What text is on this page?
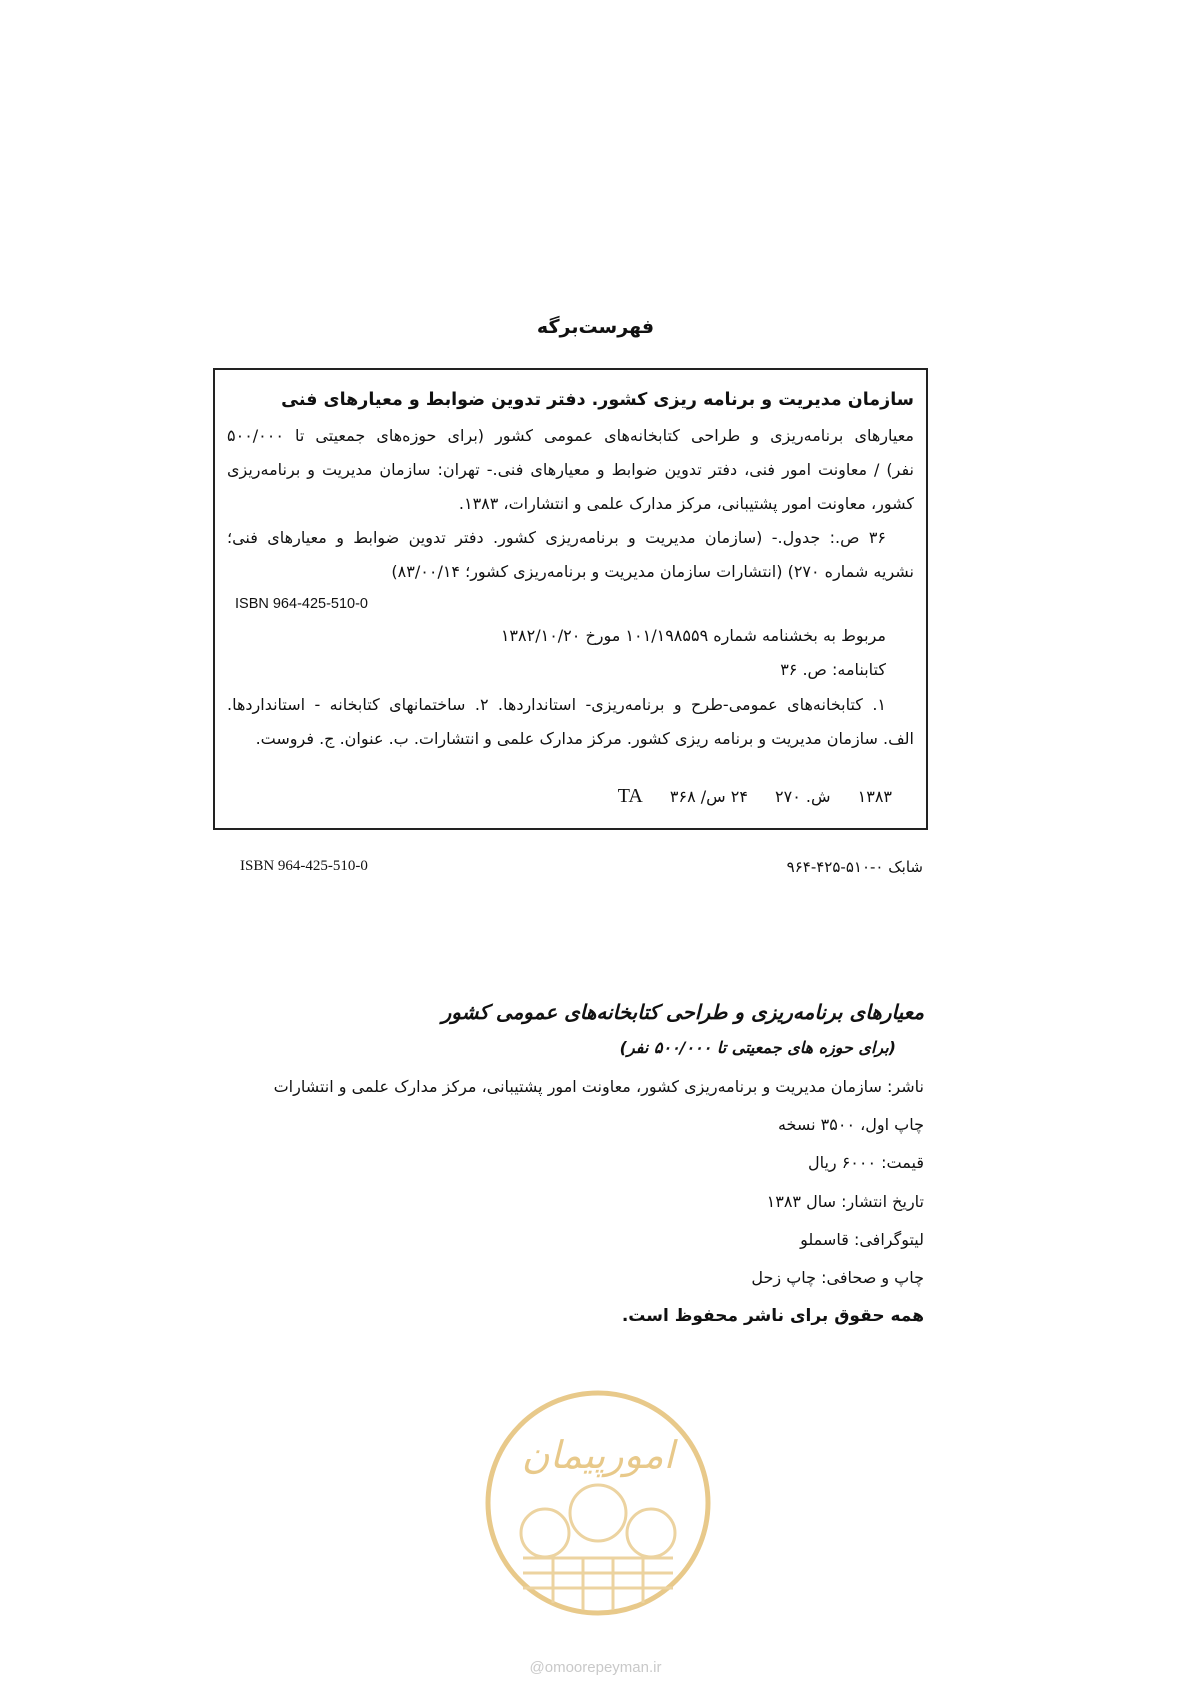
فهرست‌برگه
سازمان مدیریت و برنامه ریزی کشور. دفتر تدوین ضوابط و معیارهای فنی
معیارهای برنامه‌ریزی و طراحی کتابخانه‌های عمومی کشور (برای حوزه‌های جمعیتی تا ۵۰۰/۰۰۰
نفر) / معاونت امور فنی، دفتر تدوین ضوابط و معیارهای فنی.- تهران: سازمان مدیریت و برنامه‌ریزی
کشور، معاونت امور پشتیبانی، مرکز مدارک علمی و انتشارات، ۱۳۸۳.
۳۶ ص.: جدول.- (سازمان مدیریت و برنامه‌ریزی کشور. دفتر تدوین ضوابط و معیارهای فنی؛
نشریه شماره ۲۷۰) (انتشارات سازمان مدیریت و برنامه‌ریزی کشور؛ ۸۳/۰۰/۱۴)
ISBN 964-425-510-0
مربوط به بخشنامه شماره ۱۰۱/۱۹۸۵۵۹ مورخ ۱۳۸۲/۱۰/۲۰
کتابنامه: ص. ۳۶
۱. کتابخانه‌های عمومی-طرح و برنامه‌ریزی- استانداردها. ۲. ساختمانهای کتابخانه - استانداردها.
الف. سازمان مدیریت و برنامه ریزی کشور. مرکز مدارک علمی و انتشارات. ب. عنوان. ج. فروست.
۱۳۸۳ ش. ۲۷۰ ۲۴ س/ ۳۶۸ TA
ISBN 964-425-510-0	شابک ۰-۵۱۰-۴۲۵-۹۶۴
معیارهای برنامه‌ریزی و طراحی کتابخانه‌های عمومی کشور
(برای حوزه های جمعیتی تا ۵۰۰/۰۰۰ نفر)
ناشر: سازمان مدیریت و برنامه‌ریزی کشور، معاونت امور پشتیبانی، مرکز مدارک علمی و انتشارات
چاپ اول، ۳۵۰۰ نسخه
قیمت: ۶۰۰۰ ریال
تاریخ انتشار: سال ۱۳۸۳
لیتوگرافی: قاسملو
چاپ و صحافی: چاپ زحل
همه حقوق برای ناشر محفوظ است.
امورپیمان
@omoorepeyman.ir
